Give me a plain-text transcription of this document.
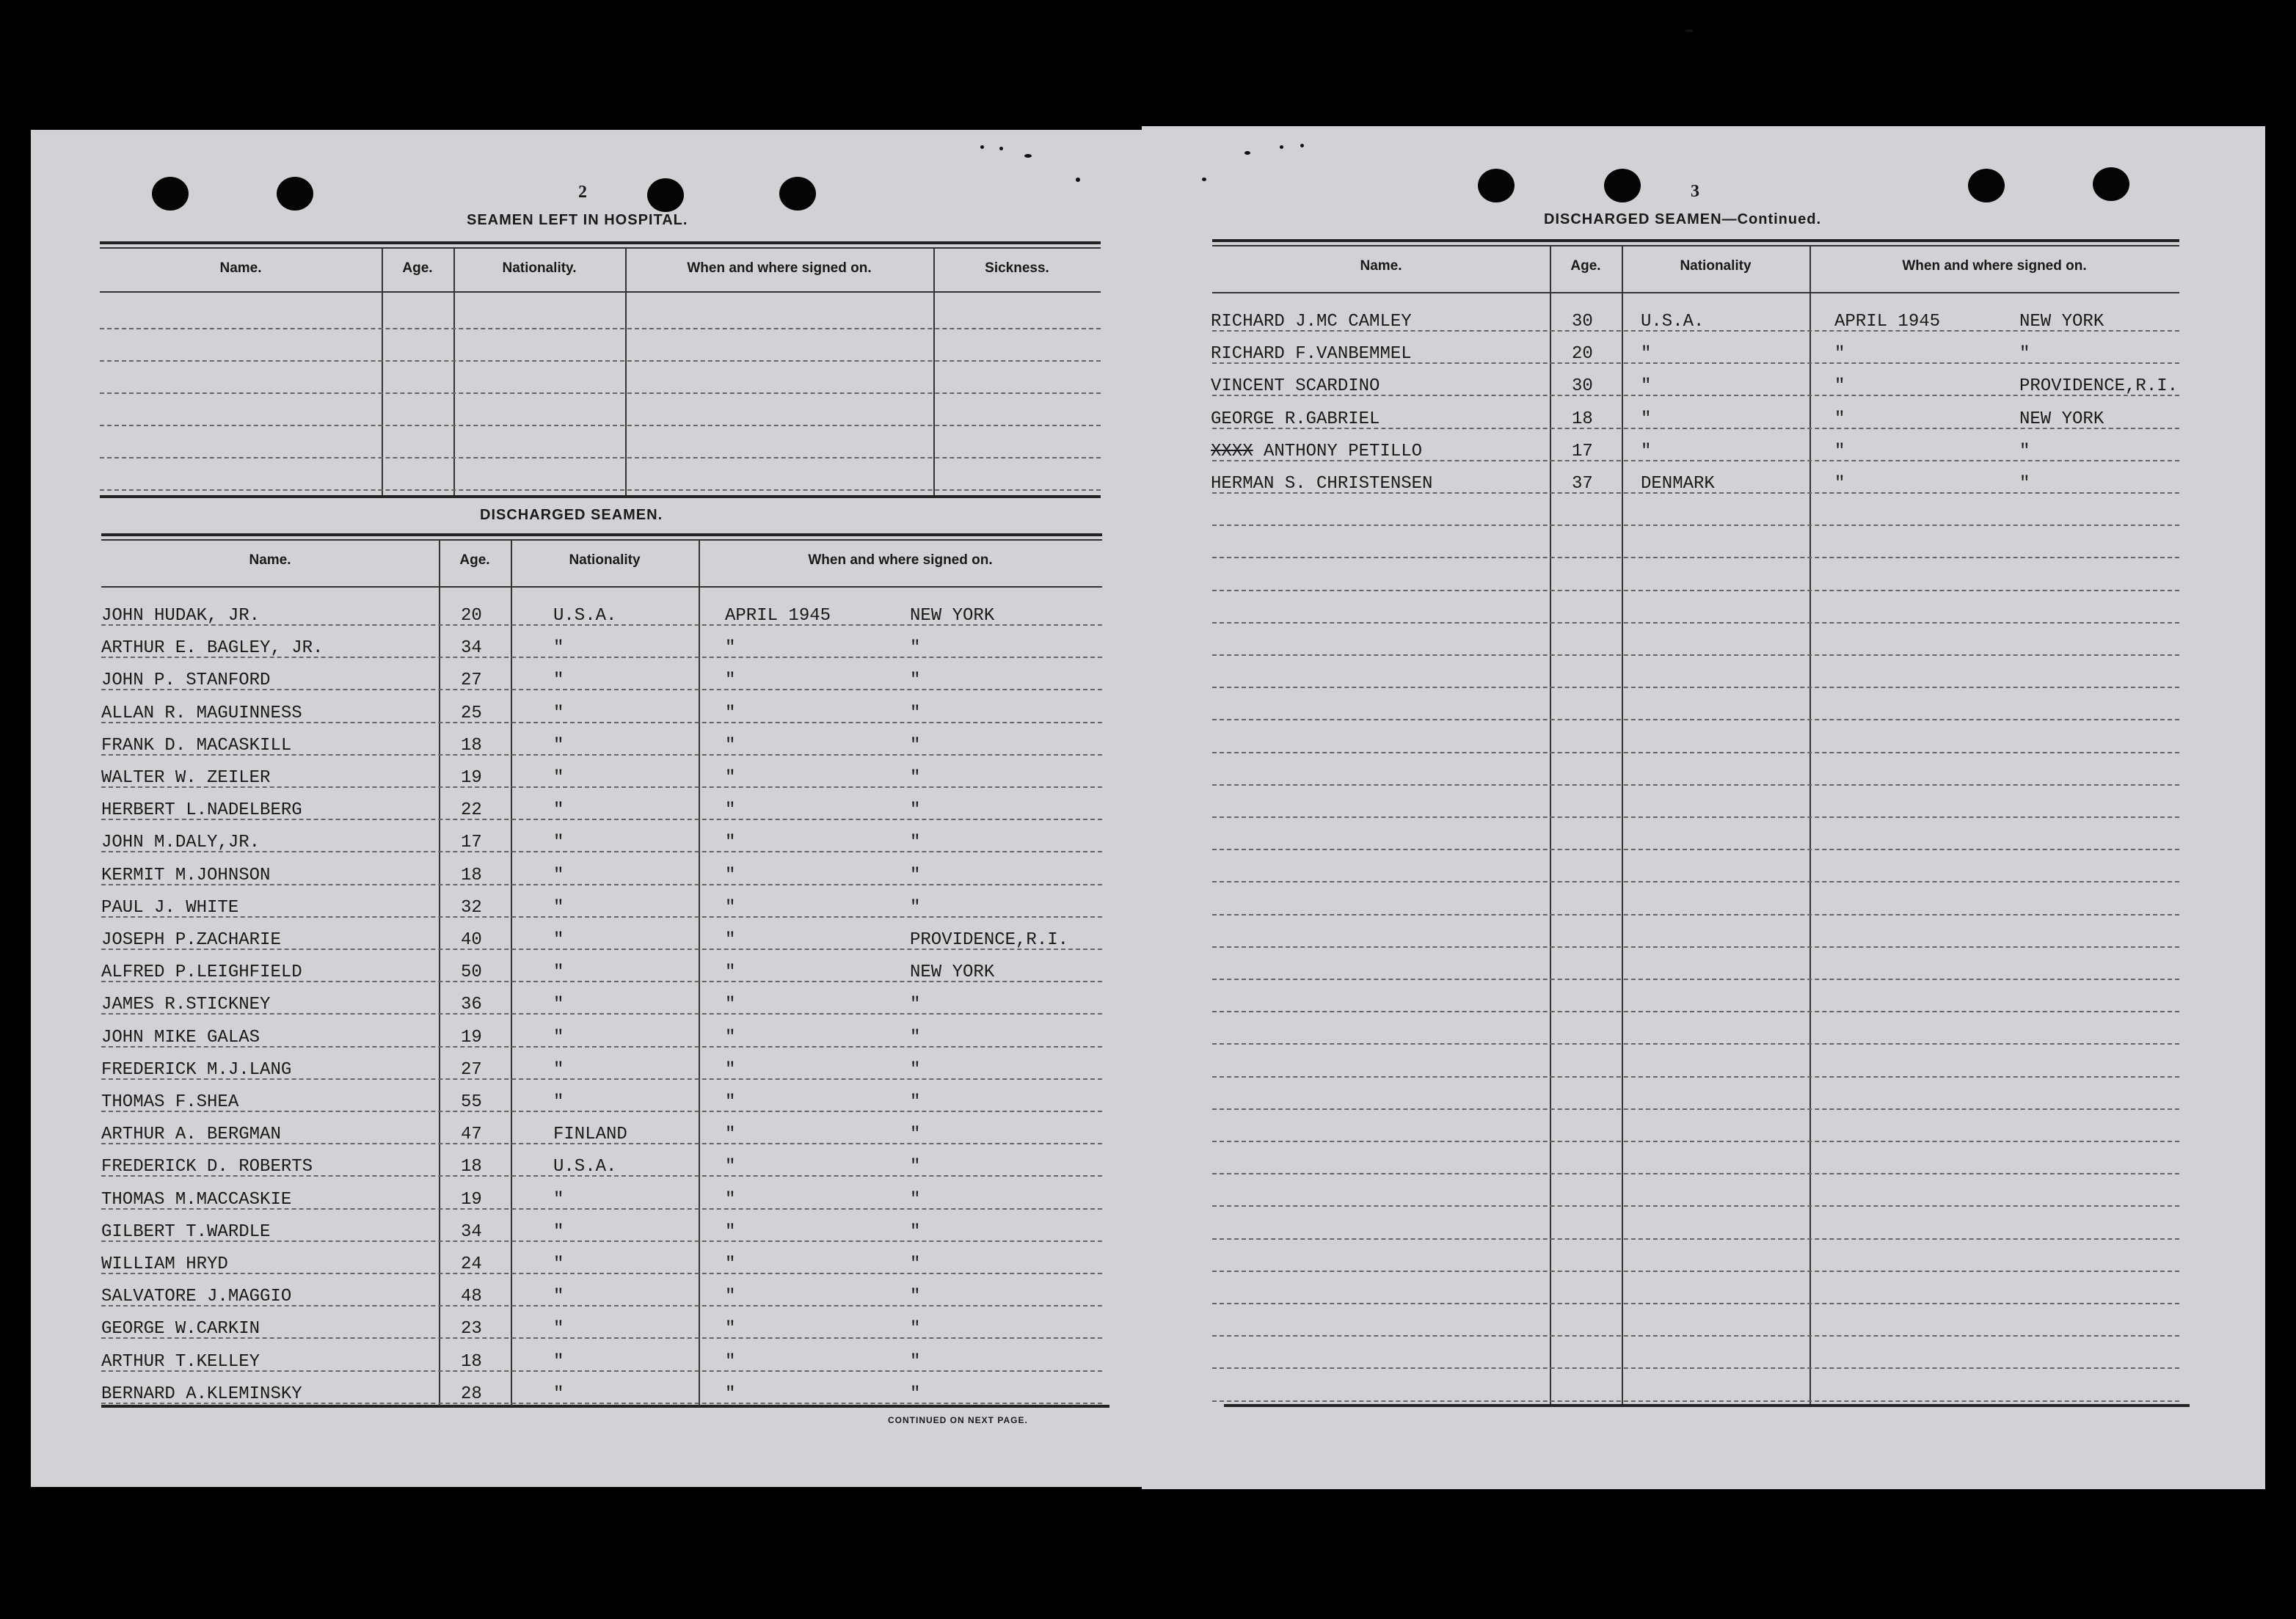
2
SEAMEN LEFT IN HOSPITAL.
Name.	Age.	Nationality.	When and where signed on.	Sickness.
DISCHARGED SEAMEN.
Name.	Age.	Nationality	When and where signed on.
JOHN HUDAK, JR.	20	U.S.A.	APRIL 1945	NEW YORK
ARTHUR E. BAGLEY, JR.	34	"	"	"
JOHN P. STANFORD	27	"	"	"
ALLAN R. MAGUINNESS	25	"	"	"
FRANK D. MACASKILL	18	"	"	"
WALTER W. ZEILER	19	"	"	"
HERBERT L.NADELBERG	22	"	"	"
JOHN M.DALY,JR.	17	"	"	"
KERMIT M.JOHNSON	18	"	"	"
PAUL J. WHITE	32	"	"	"
JOSEPH P.ZACHARIE	40	"	"	PROVIDENCE,R.I.
ALFRED P.LEIGHFIELD	50	"	"	NEW YORK
JAMES R.STICKNEY	36	"	"	"
JOHN MIKE GALAS	19	"	"	"
FREDERICK M.J.LANG	27	"	"	"
THOMAS F.SHEA	55	"	"	"
ARTHUR A. BERGMAN	47	FINLAND	"	"
FREDERICK D. ROBERTS	18	U.S.A.	"	"
THOMAS M.MACCASKIE	19	"	"	"
GILBERT T.WARDLE	34	"	"	"
WILLIAM HRYD	24	"	"	"
SALVATORE J.MAGGIO	48	"	"	"
GEORGE W.CARKIN	23	"	"	"
ARTHUR T.KELLEY	18	"	"	"
BERNARD A.KLEMINSKY	28	"	"	"
CONTINUED ON NEXT PAGE.
3
DISCHARGED SEAMEN—Continued.
Name.	Age.	Nationality	When and where signed on.
RICHARD J.MC CAMLEY	30	U.S.A.	APRIL 1945	NEW YORK
RICHARD F.VANBEMMEL	20	"	"	"
VINCENT SCARDINO	30	"	"	PROVIDENCE,R.I.
GEORGE R.GABRIEL	18	"	"	NEW YORK
XXXX ANTHONY PETILLO	17	"	"	"
HERMAN S. CHRISTENSEN	37	DENMARK	"	"
